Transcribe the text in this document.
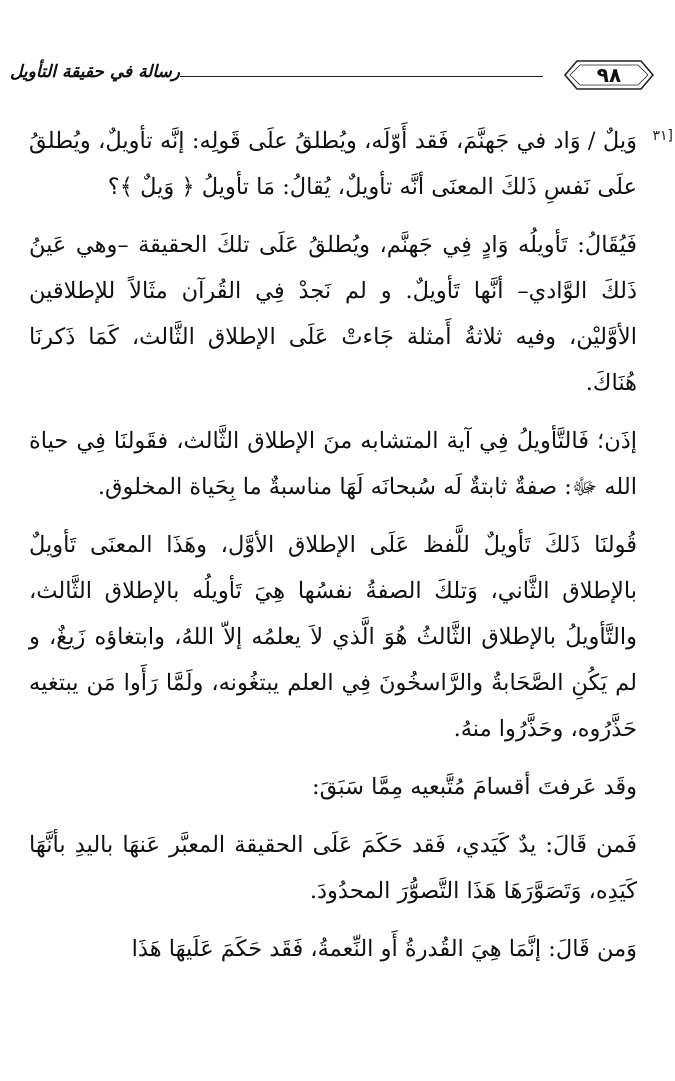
٩٨
رسالة في حقيقة التأويل
[٣١

وَيلٌ / وَاد في جَهنَّمَ، فَقد أَوّلَه، ويُطلقُ علَى قَولِه: إنَّه تأويلٌ، ويُطلقُ علَى نَفسِ ذَلكَ المعنَى أنَّه تأويلٌ، يُقالُ: مَا تأويلُ ﴿ وَيلٌ ﴾؟

فَيُقَالُ: تَأويلُه وَادٍ فِي جَهنَّم، ويُطلقُ عَلَى تلكَ الحقيقة –وهي عَينُ ذَلكَ الوَّادي– أنَّها تَأويلٌ. و لم نَجدْ فِي القُرآن مثَالاً للإطلاقين الأوَّليْن، وفيه ثلاثةُ أَمثلة جَاءتْ عَلَى الإطلاق الثَّالث، كَمَا ذَكرنَا هُنَاكَ.

إذَن؛ فَالتَّأويلُ فِي آية المتشابه منَ الإطلاق الثَّالث، فقَولنَا فِي حياة الله ﷻ: صفةٌ ثابتةٌ لَه سُبحانَه لَهَا مناسبةٌ ما بِحَياة المخلوق.

قُولنَا ذَلكَ تَأويلٌ للَّفظ عَلَى الإطلاق الأوَّل، وهَذَا المعنَى تَأويلٌ بالإطلاق الثَّاني، وَتلكَ الصفةُ نفسُها هِيَ تَأويلُه بالإطلاق الثَّالث، والتَّأويلُ بالإطلاق الثَّالثُ هُوَ الَّذي لاَ يعلمُه إلاّ اللهُ، وابتغاؤه زَيغٌ، و لم يَكُنِ الصَّحَابةُ والرَّاسخُونَ فِي العلم يبتغُونه، ولَمَّا رَأَوا مَن يبتغيه حَذَّرُوه، وحَذَّرُوا منهُ.

وقَد عَرفتَ أقسامَ مُتَّبعيه مِمَّا سَبَقَ:

فَمن قَالَ: يدٌ كَيَدي، فَقد حَكَمَ عَلَى الحقيقة المعبَّر عَنهَا باليدِ بأنَّهَا كَيَدِه، وَتَصَوَّرَهَا هَذَا التَّصوُّرَ المحدُودَ.

وَمن قَالَ: إنَّمَا هِيَ القُدرةُ أَو النِّعمةُ، فَقَد حَكَمَ عَلَيهَا هَذَا
